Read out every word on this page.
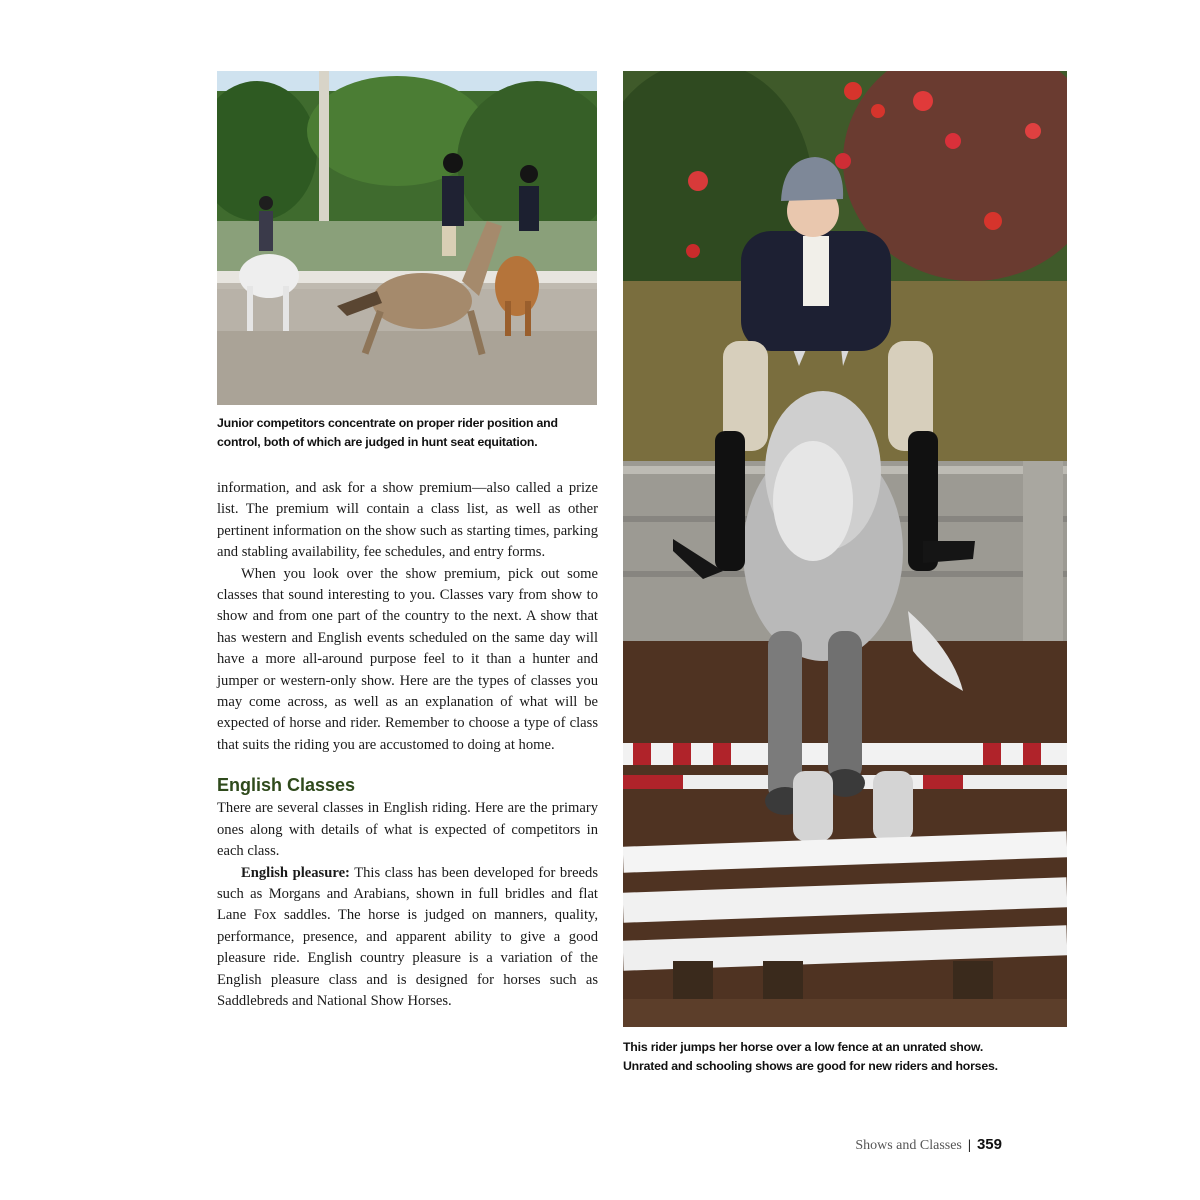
Junior competitors concentrate on proper rider position and control, both of which are judged in hunt seat equitation.

information, and ask for a show premium—also called a prize list. The premium will contain a class list, as well as other pertinent information on the show such as starting times, parking and stabling availability, fee schedules, and entry forms.

When you look over the show premium, pick out some classes that sound interesting to you. Classes vary from show to show and from one part of the country to the next. A show that has western and English events scheduled on the same day will have a more all-around purpose feel to it than a hunter and jumper or western-only show. Here are the types of classes you may come across, as well as an explanation of what will be expected of horse and rider. Remember to choose a type of class that suits the riding you are accustomed to doing at home.

English Classes

There are several classes in English riding. Here are the primary ones along with details of what is expected of competitors in each class.

English pleasure: This class has been developed for breeds such as Morgans and Arabians, shown in full bridles and flat Lane Fox saddles. The horse is judged on manners, quality, performance, presence, and apparent ability to give a good pleasure ride. English country pleasure is a variation of the English pleasure class and is designed for horses such as Saddlebreds and National Show Horses.

This rider jumps her horse over a low fence at an unrated show. Unrated and schooling shows are good for new riders and horses.
Shows and Classes | 359
